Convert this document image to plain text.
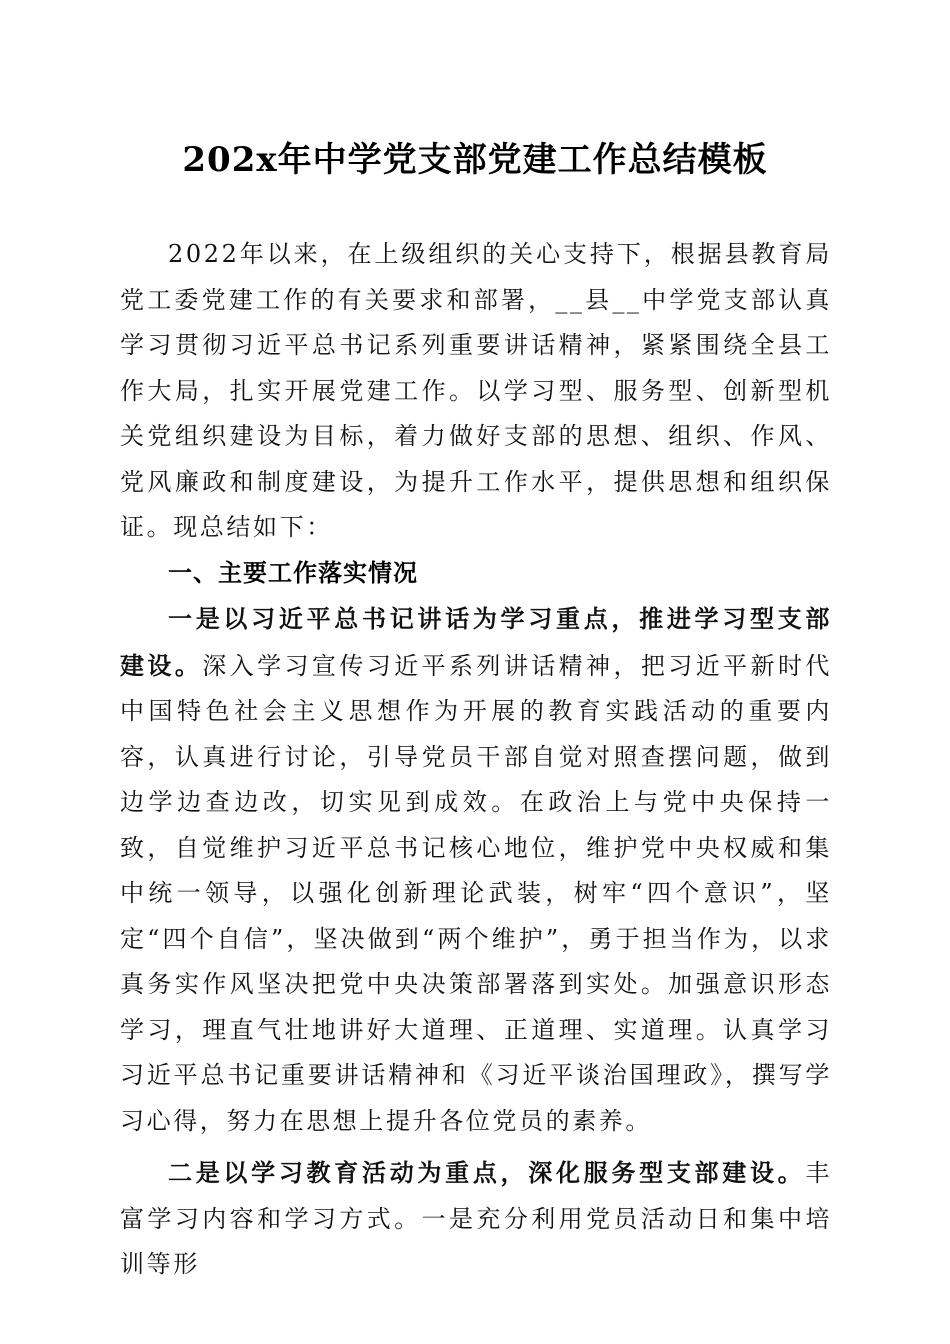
202x年中学党支部党建工作总结模板

2022年以来，在上级组织的关心支持下，根据县教育局党工委党建工作的有关要求和部署，__县__中学党支部认真学习贯彻习近平总书记系列重要讲话精神，紧紧围绕全县工作大局，扎实开展党建工作。以学习型、服务型、创新型机关党组织建设为目标，着力做好支部的思想、组织、作风、党风廉政和制度建设，为提升工作水平，提供思想和组织保证。现总结如下：

一、主要工作落实情况

一是以习近平总书记讲话为学习重点，推进学习型支部建设。深入学习宣传习近平系列讲话精神，把习近平新时代中国特色社会主义思想作为开展的教育实践活动的重要内容，认真进行讨论，引导党员干部自觉对照查摆问题，做到边学边查边改，切实见到成效。在政治上与党中央保持一致，自觉维护习近平总书记核心地位，维护党中央权威和集中统一领导，以强化创新理论武装，树牢“四个意识”，坚定“四个自信”，坚决做到“两个维护”，勇于担当作为，以求真务实作风坚决把党中央决策部署落到实处。加强意识形态学习，理直气壮地讲好大道理、正道理、实道理。认真学习习近平总书记重要讲话精神和《习近平谈治国理政》，撰写学习心得，努力在思想上提升各位党员的素养。

二是以学习教育活动为重点，深化服务型支部建设。丰富学习内容和学习方式。一是充分利用党员活动日和集中培训等形
